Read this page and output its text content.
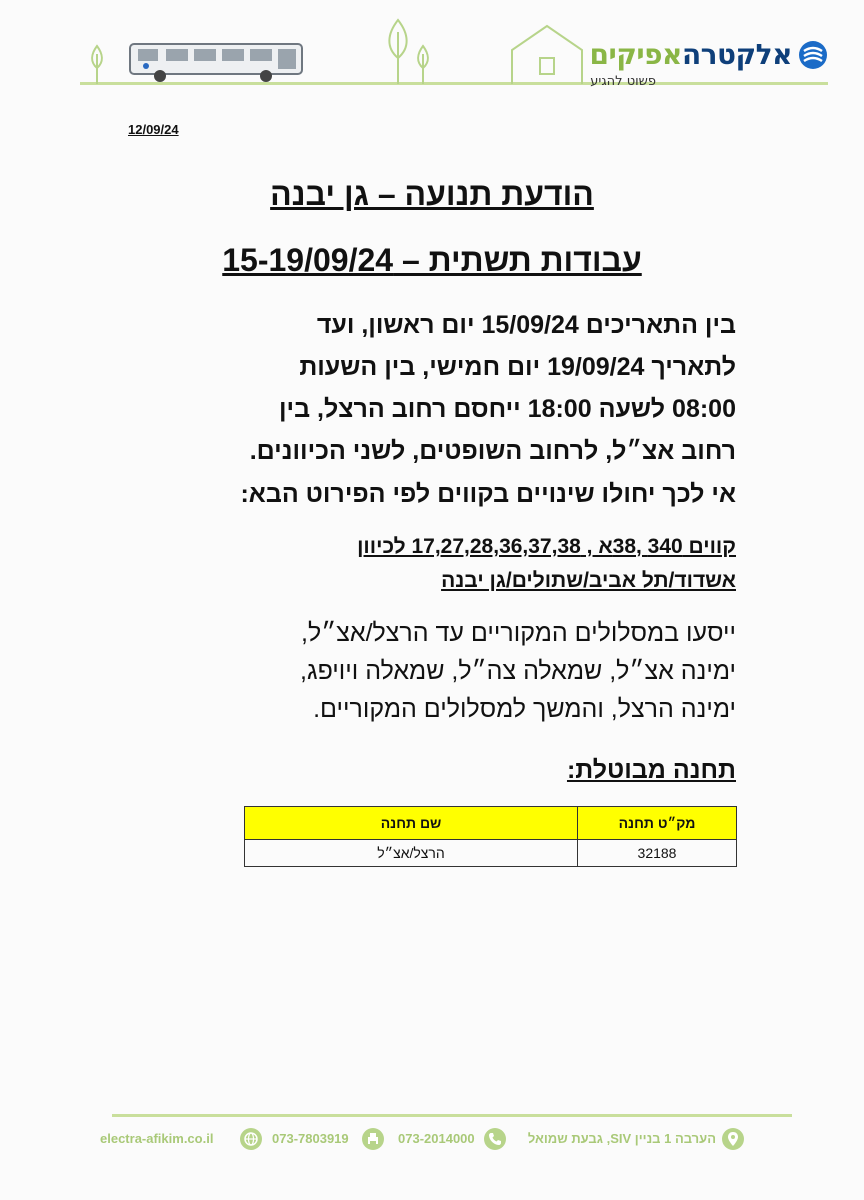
אלקטרהאפיקים
פשוט להגיע
12/09/24
הודעת תנועה – גן יבנה
עבודות תשתית – 15-19/09/24
בין התאריכים 15/09/24 יום ראשון, ועד
לתאריך 19/09/24 יום חמישי, בין השעות
08:00 לשעה 18:00 ייחסם רחוב הרצל, בין
רחוב אצ״ל, לרחוב השופטים, לשני הכיוונים.
אי לכך יחולו שינויים בקווים לפי הפירוט הבא:
קווים 340 ,38א , 17,27,28,36,37,38 לכיוון
אשדוד/תל אביב/שתולים/גן יבנה
ייסעו במסלולים המקוריים עד הרצל/אצ״ל,
ימינה אצ״ל, שמאלה צה״ל, שמאלה ויויפג,
ימינה הרצל, והמשך למסלולים המקוריים.
תחנה מבוטלת:
מק״ט תחנה	שם תחנה
32188	הרצל/אצ״ל
הערבה 1 בניין SIV, גבעת שמואל
073-2014000
073-7803919
electra-afikim.co.il
